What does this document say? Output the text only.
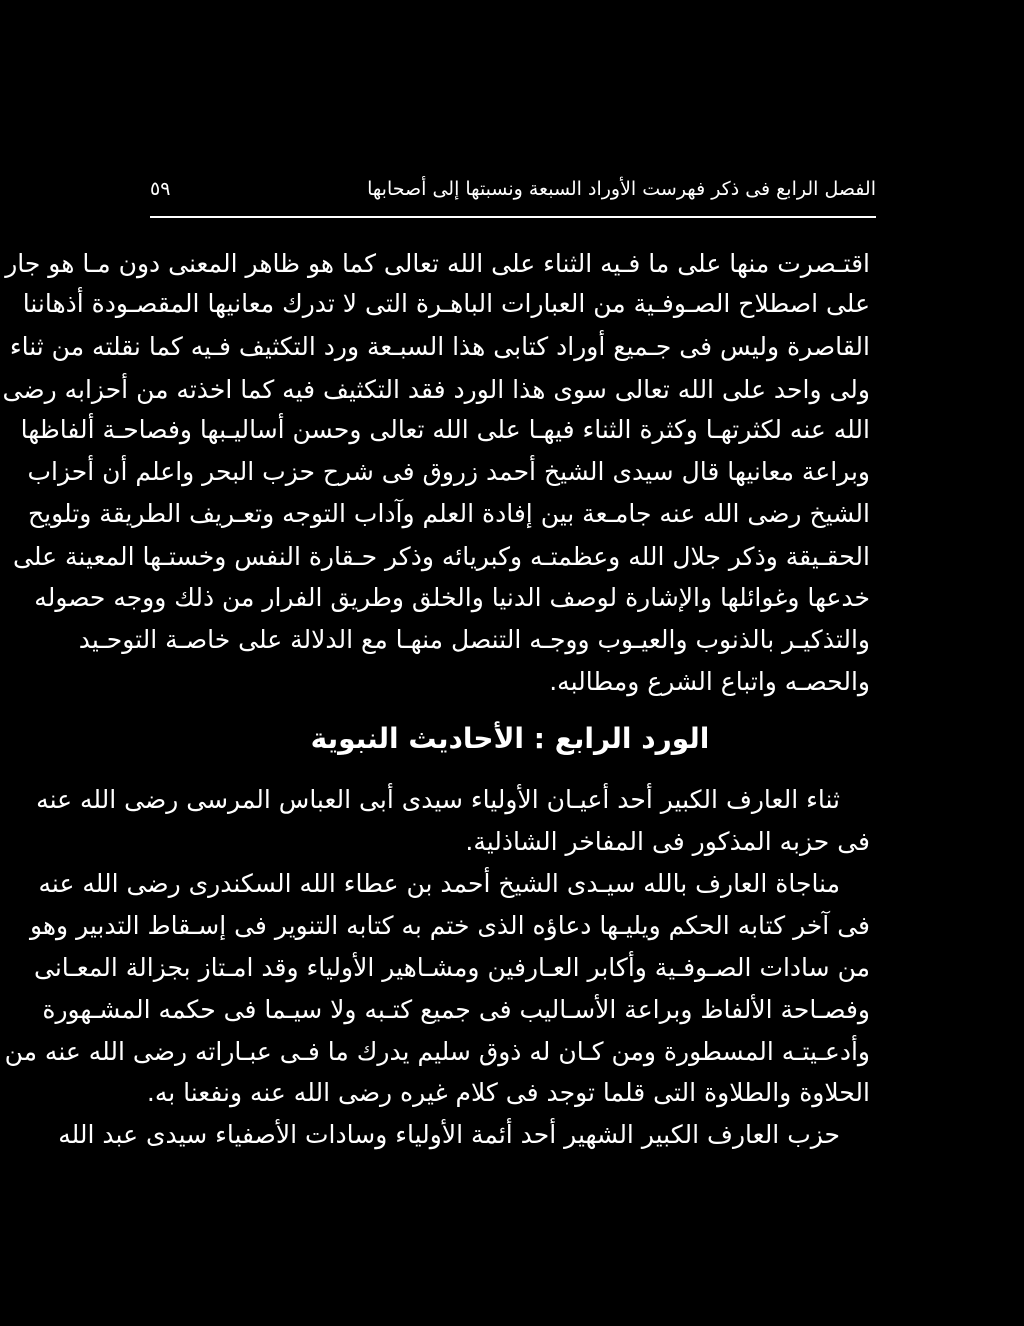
الفصل الرابع فى ذكر فهرست الأوراد السبعة ونسبتها إلى أصحابها
٥٩
اقتـصرت منها على ما فـيه الثناء على الله تعالى كما هو ظاهر المعنى دون مـا هو جار
على اصطلاح الصـوفـية من العبارات الباهـرة التى لا تدرك معانيها المقصـودة أذهاننا
القاصرة وليس فى جـميع أوراد كتابى هذا السبـعة ورد التكثيف فـيه كما نقلته من ثناء
ولى واحد على الله تعالى سوى هذا الورد فقد التكثيف فيه كما اخذته من أحزابه رضى
الله عنه لكثرتهـا وكثرة الثناء فيهـا على الله تعالى وحسن أساليـبها وفصاحـة ألفاظها
وبراعة معانيها قال سيدى الشيخ أحمد زروق فى شرح حزب البحر واعلم أن أحزاب
الشيخ رضى الله عنه جامـعة بين إفادة العلم وآداب التوجه وتعـريف الطريقة وتلويح
الحقـيقة وذكر جلال الله وعظمتـه وكبريائه وذكر حـقارة النفس وخستـها المعينة على
خدعها وغوائلها والإشارة لوصف الدنيا والخلق وطريق الفرار من ذلك ووجه حصوله
والتذكيـر بالذنوب والعيـوب ووجـه التنصل منهـا مع الدلالة على خاصـة التوحـيد
والحصـه واتباع الشرع ومطالبه.
الورد الرابع : الأحاديث النبوية
ثناء العارف الكبير أحد أعيـان الأولياء سيدى أبى العباس المرسى رضى الله عنه
فى حزبه المذكور فى المفاخر الشاذلية.
مناجاة العارف بالله سيـدى الشيخ أحمد بن عطاء الله السكندرى رضى الله عنه
فى آخر كتابه الحكم ويليـها دعاؤه الذى ختم به كتابه التنوير فى إسـقاط التدبير وهو
من سادات الصـوفـية وأكابر العـارفين ومشـاهير الأولياء وقد امـتاز بجزالة المعـانى
وفصـاحة الألفاظ وبراعة الأسـاليب فى جميع كتـبه ولا سيـما فى حكمه المشـهورة
وأدعـيتـه المسطورة ومن كـان له ذوق سليم يدرك ما فـى عبـاراته رضى الله عنه من
الحلاوة والطلاوة التى قلما توجد فى كلام غيره رضى الله عنه ونفعنا به.
حزب العارف الكبير الشهير أحد أئمة الأولياء وسادات الأصفياء سيدى عبد الله
